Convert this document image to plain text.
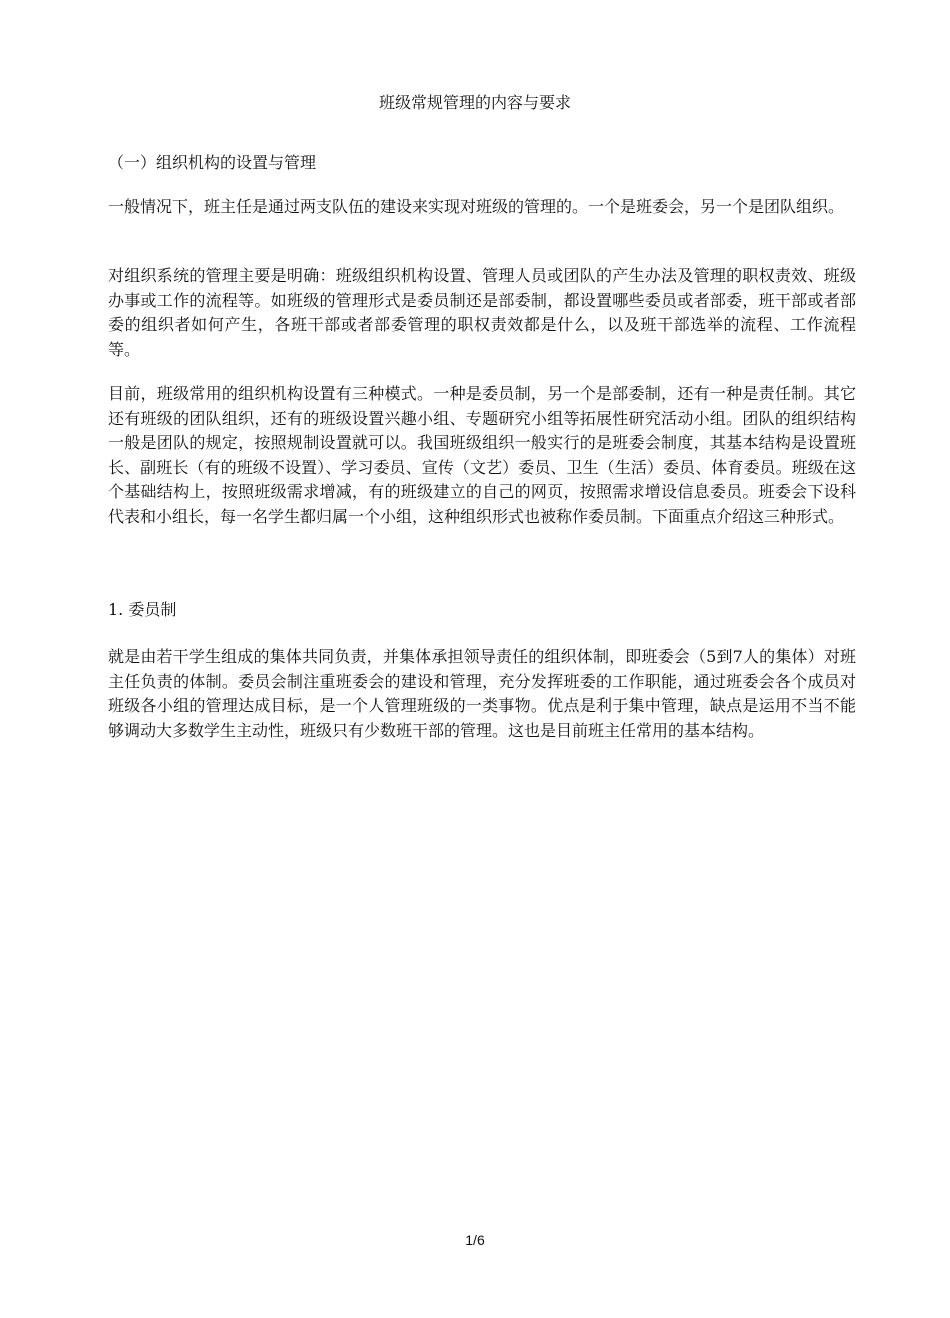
班级常规管理的内容与要求

（一）组织机构的设置与管理

一般情况下，班主任是通过两支队伍的建设来实现对班级的管理的。一个是班委会，另一个是团队组织。

对组织系统的管理主要是明确：班级组织机构设置、管理人员或团队的产生办法及管理的职权责效、班级办事或工作的流程等。如班级的管理形式是委员制还是部委制，都设置哪些委员或者部委，班干部或者部委的组织者如何产生，各班干部或者部委管理的职权责效都是什么，以及班干部选举的流程、工作流程等。

目前，班级常用的组织机构设置有三种模式。一种是委员制，另一个是部委制，还有一种是责任制。其它还有班级的团队组织，还有的班级设置兴趣小组、专题研究小组等拓展性研究活动小组。团队的组织结构一般是团队的规定，按照规制设置就可以。我国班级组织一般实行的是班委会制度，其基本结构是设置班长、副班长（有的班级不设置）、学习委员、宣传（文艺）委员、卫生（生活）委员、体育委员。班级在这个基础结构上，按照班级需求增减，有的班级建立的自己的网页，按照需求增设信息委员。班委会下设科代表和小组长，每一名学生都归属一个小组，这种组织形式也被称作委员制。下面重点介绍这三种形式。

1. 委员制

就是由若干学生组成的集体共同负责，并集体承担领导责任的组织体制，即班委会（5到7人的集体）对班主任负责的体制。委员会制注重班委会的建设和管理，充分发挥班委的工作职能，通过班委会各个成员对班级各小组的管理达成目标，是一个人管理班级的一类事物。优点是利于集中管理，缺点是运用不当不能够调动大多数学生主动性，班级只有少数班干部的管理。这也是目前班主任常用的基本结构。

1/6
